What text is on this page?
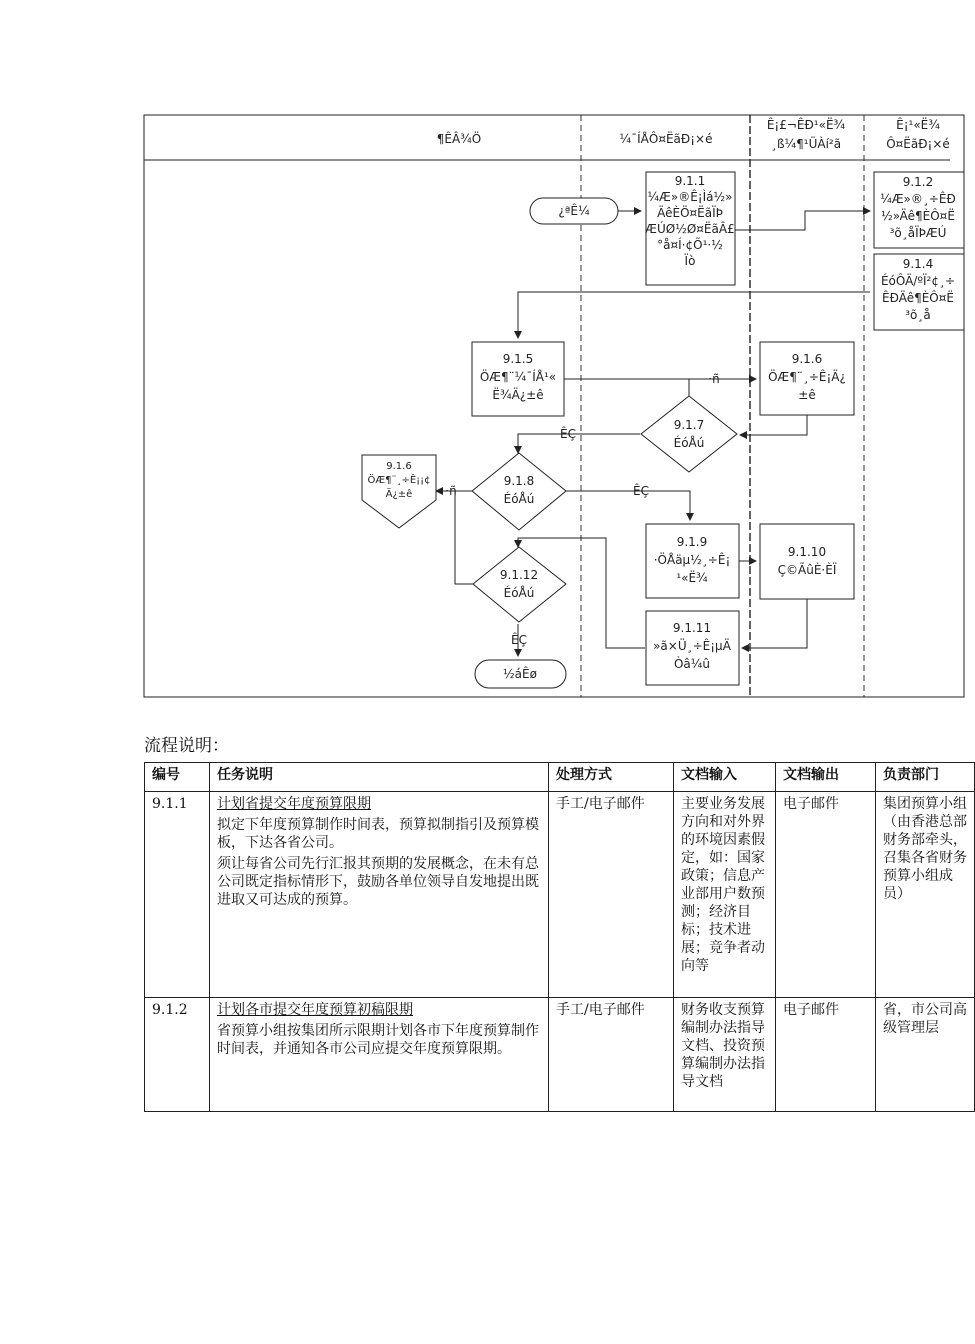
¶ÊÂ¾Ö	¼¯ÍÅÔ¤ËãÐ¡×é
Ê¡£¬ÊÐ¹«Ë¾
¸ß¼¶¹ÜÀí²ã
Ê¡¹«Ë¾
Ô¤ËãÐ¡×é
·ñ
ÊÇ
·ñ	ÊÇ
ÊÇ
¿ªÊ¼
½áÊø
9.1.1 ¼Æ»®Ê¡Ìá½» ÄêÈÖ¤ËãÏÞ ÆÚØ½Ø¤ËãÂ£ °å¤Í·¢Õ¹·½ Ïò
9.1.2 ¼Æ»®¸÷ÊÐ ½»Äê¶ÈÔ¤Ë ³õ¸åÏÞÆÚ
9.1.4 ÉóÔÄ/ºÏ²¢¸÷ ÊÐÄê¶ÈÔ¤Ë ³õ¸å
9.1.5 ÖÆ¶¨¼¯ÍÅ¹« Ë¾Ä¿±ê
9.1.6 ÖÆ¶¨¸÷Ê¡Ä¿ ±ê
9.1.9 ·ÖÅäµ½¸÷Ê¡ ¹«Ë¾
9.1.10 Ç©ÃûÈ·ÈÏ
9.1.11 »ã×Ü¸÷Ê¡µÄ Òâ¼û
9.1.7 ÉóÅú
9.1.8 ÉóÅú
9.1.12 ÉóÅú
9.1.6 ÖÆ¶¨¸÷Ê¡¡¢ Ä¿±ê
流程说明：
编号	任务说明	处理方式	文档输入	文档输出	负责部门
9.1.1	计划省提交年度预算限期
拟定下年度预算制作时间表，预算拟制指引及预算模板，下达各省公司。
须让每省公司先行汇报其预期的发展概念，在未有总公司既定指标情形下，鼓励各单位领导自发地提出既进取又可达成的预算。	手工/电子邮件	主要业务发展方向和对外界的环境因素假定，如：国家政策；信息产业部用户数预测；经济目标；技术进展；竞争者动向等	电子邮件	集团预算小组（由香港总部财务部牵头，召集各省财务预算小组成员）
9.1.2	计划各市提交年度预算初稿限期
省预算小组按集团所示限期计划各市下年度预算制作时间表，并通知各市公司应提交年度预算限期。	手工/电子邮件	财务收支预算编制办法指导文档、投资预算编制办法指导文档	电子邮件	省，市公司高级管理层
